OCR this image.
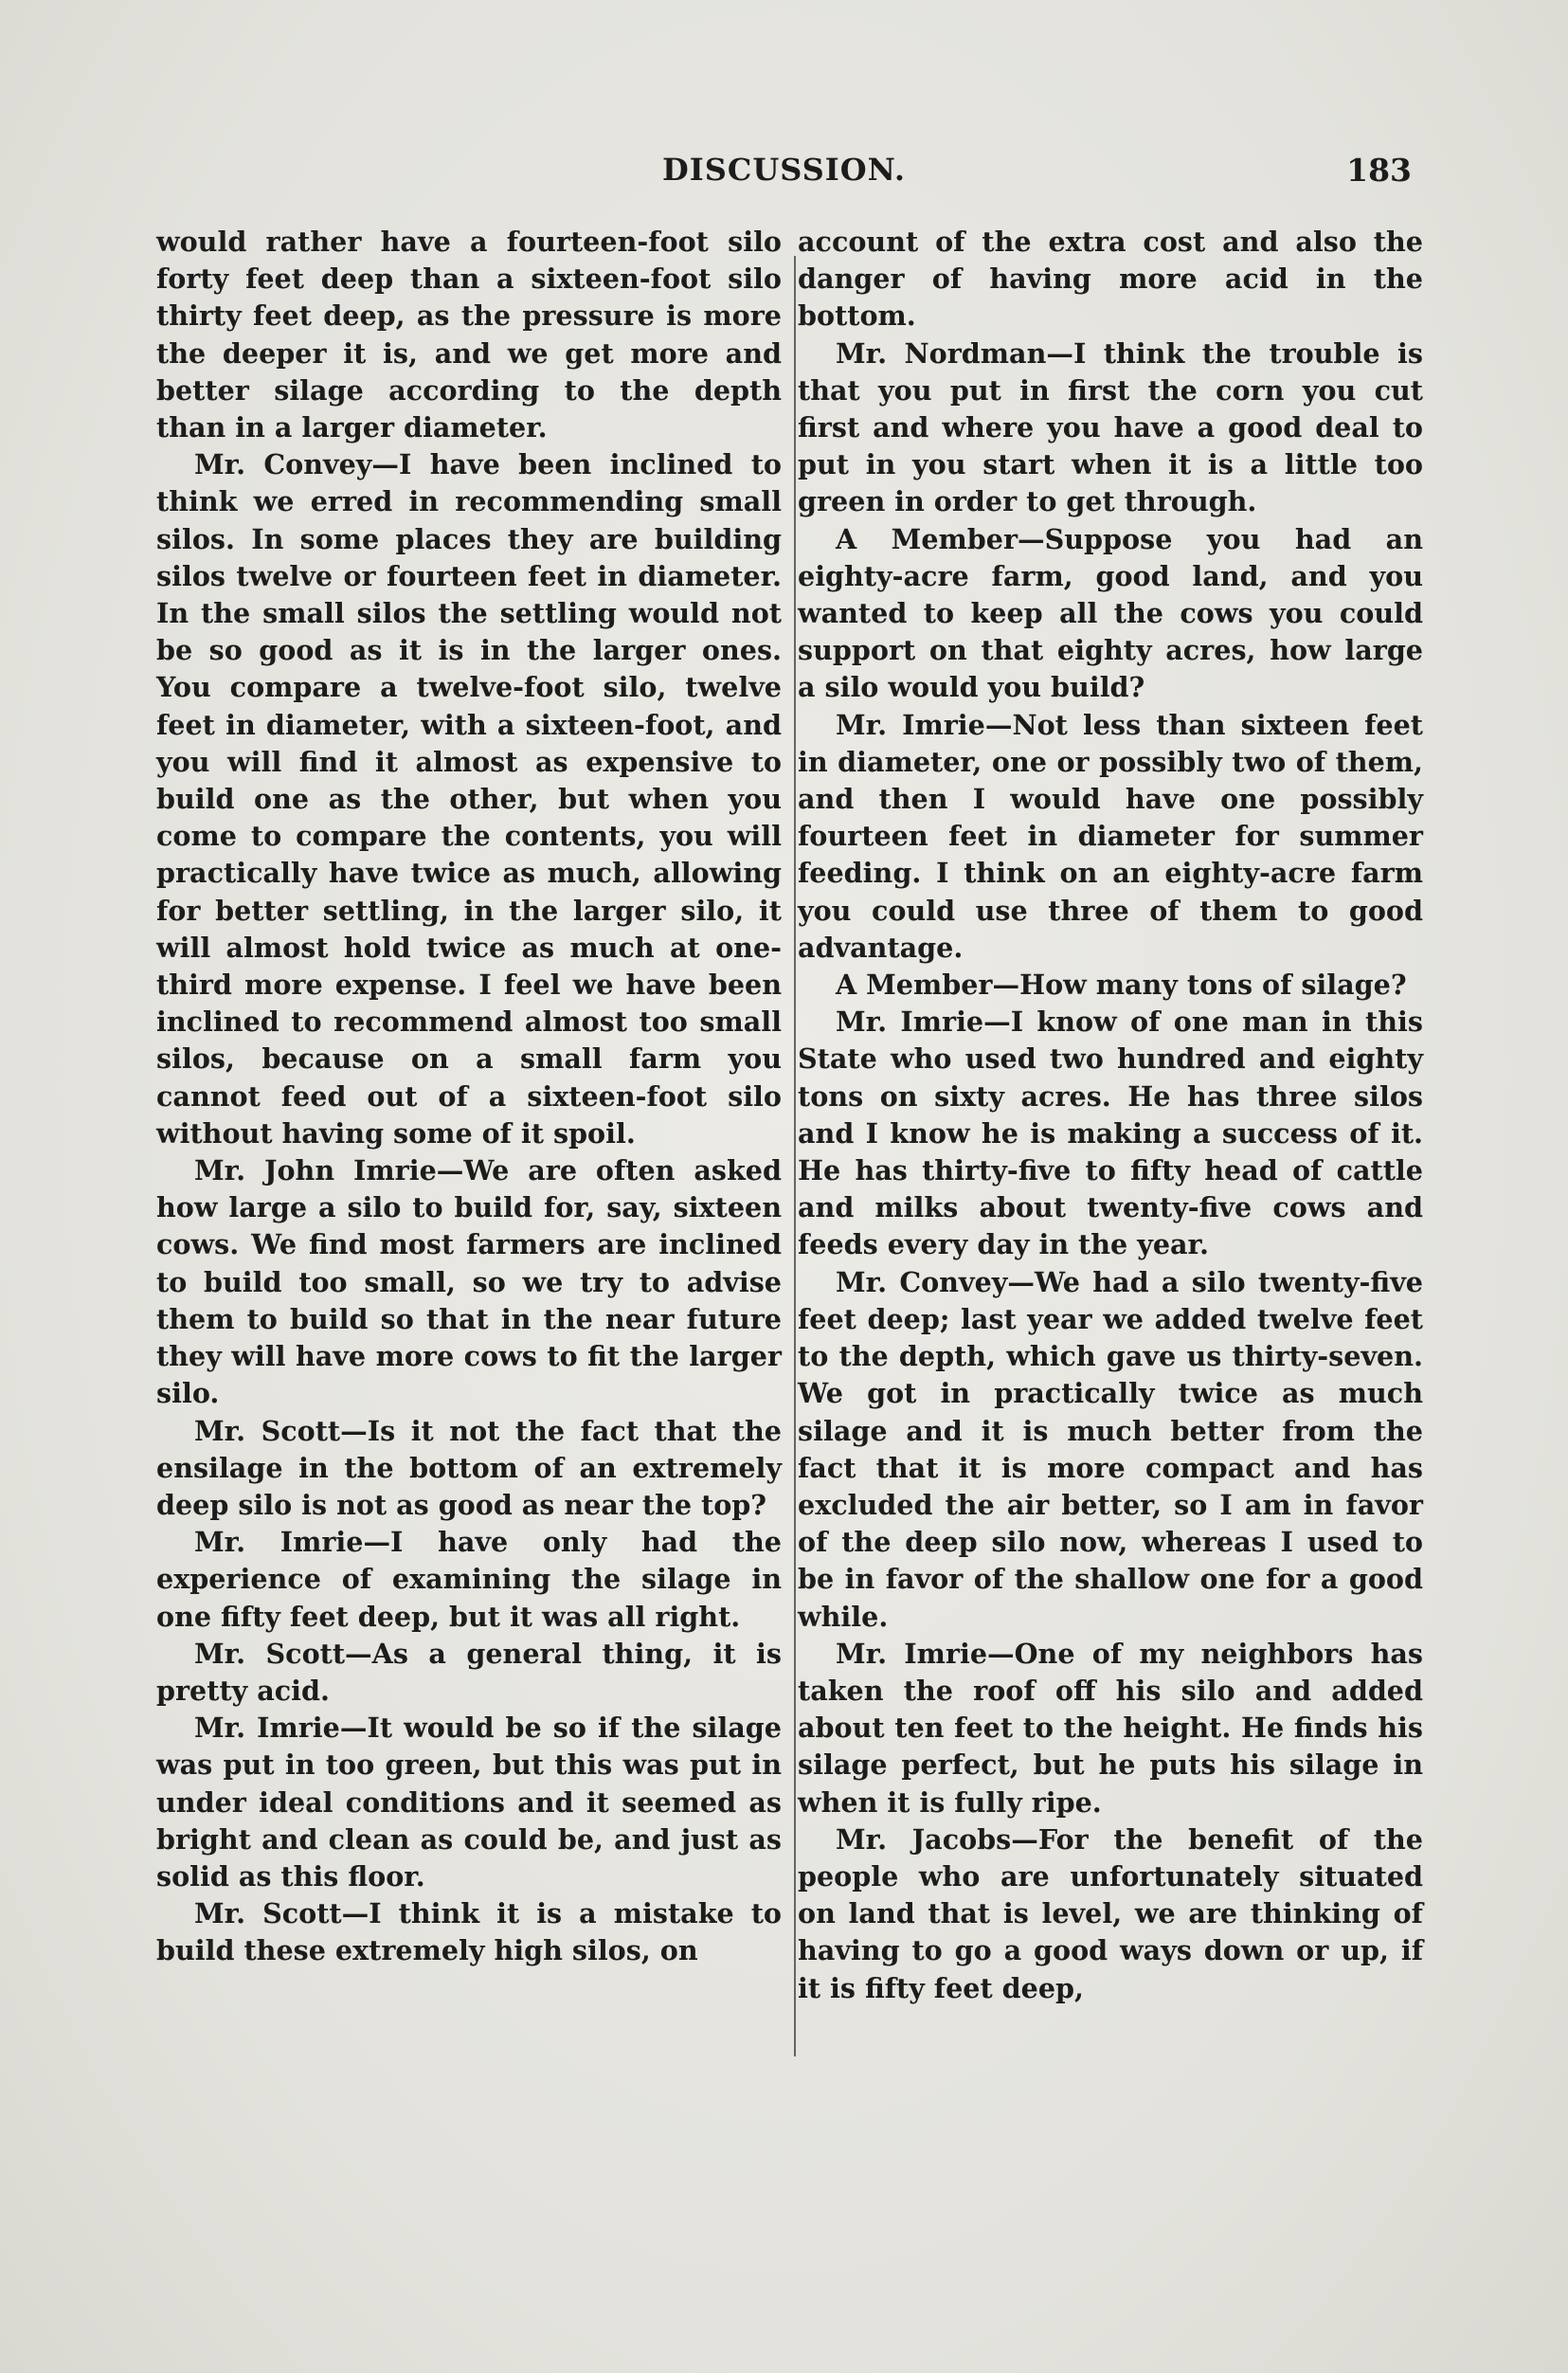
DISCUSSION.	183

would rather have a fourteen-foot silo forty feet deep than a sixteen-foot silo thirty feet deep, as the pressure is more the deeper it is, and we get more and better silage according to the depth than in a larger diameter.

Mr. Convey—I have been inclined to think we erred in recommending small silos. In some places they are building silos twelve or fourteen feet in diameter. In the small silos the settling would not be so good as it is in the larger ones. You compare a twelve-foot silo, twelve feet in diameter, with a sixteen-foot, and you will find it almost as expensive to build one as the other, but when you come to compare the contents, you will practically have twice as much, allowing for better settling, in the larger silo, it will almost hold twice as much at one-third more expense. I feel we have been inclined to recommend almost too small silos, because on a small farm you cannot feed out of a sixteen-foot silo without having some of it spoil.

Mr. John Imrie—We are often asked how large a silo to build for, say, sixteen cows. We find most farmers are inclined to build too small, so we try to advise them to build so that in the near future they will have more cows to fit the larger silo.

Mr. Scott—Is it not the fact that the ensilage in the bottom of an extremely deep silo is not as good as near the top?

Mr. Imrie—I have only had the experience of examining the silage in one fifty feet deep, but it was all right.

Mr. Scott—As a general thing, it is pretty acid.

Mr. Imrie—It would be so if the silage was put in too green, but this was put in under ideal conditions and it seemed as bright and clean as could be, and just as solid as this floor.

Mr. Scott—I think it is a mistake to build these extremely high silos, on

account of the extra cost and also the danger of having more acid in the bottom.

Mr. Nordman—I think the trouble is that you put in first the corn you cut first and where you have a good deal to put in you start when it is a little too green in order to get through.

A Member—Suppose you had an eighty-acre farm, good land, and you wanted to keep all the cows you could support on that eighty acres, how large a silo would you build?

Mr. Imrie—Not less than sixteen feet in diameter, one or possibly two of them, and then I would have one possibly fourteen feet in diameter for summer feeding. I think on an eighty-acre farm you could use three of them to good advantage.

A Member—How many tons of silage?

Mr. Imrie—I know of one man in this State who used two hundred and eighty tons on sixty acres. He has three silos and I know he is making a success of it. He has thirty-five to fifty head of cattle and milks about twenty-five cows and feeds every day in the year.

Mr. Convey—We had a silo twenty-five feet deep; last year we added twelve feet to the depth, which gave us thirty-seven. We got in practically twice as much silage and it is much better from the fact that it is more compact and has excluded the air better, so I am in favor of the deep silo now, whereas I used to be in favor of the shallow one for a good while.

Mr. Imrie—One of my neighbors has taken the roof off his silo and added about ten feet to the height. He finds his silage perfect, but he puts his silage in when it is fully ripe.

Mr. Jacobs—For the benefit of the people who are unfortunately situated on land that is level, we are thinking of having to go a good ways down or up, if it is fifty feet deep,
